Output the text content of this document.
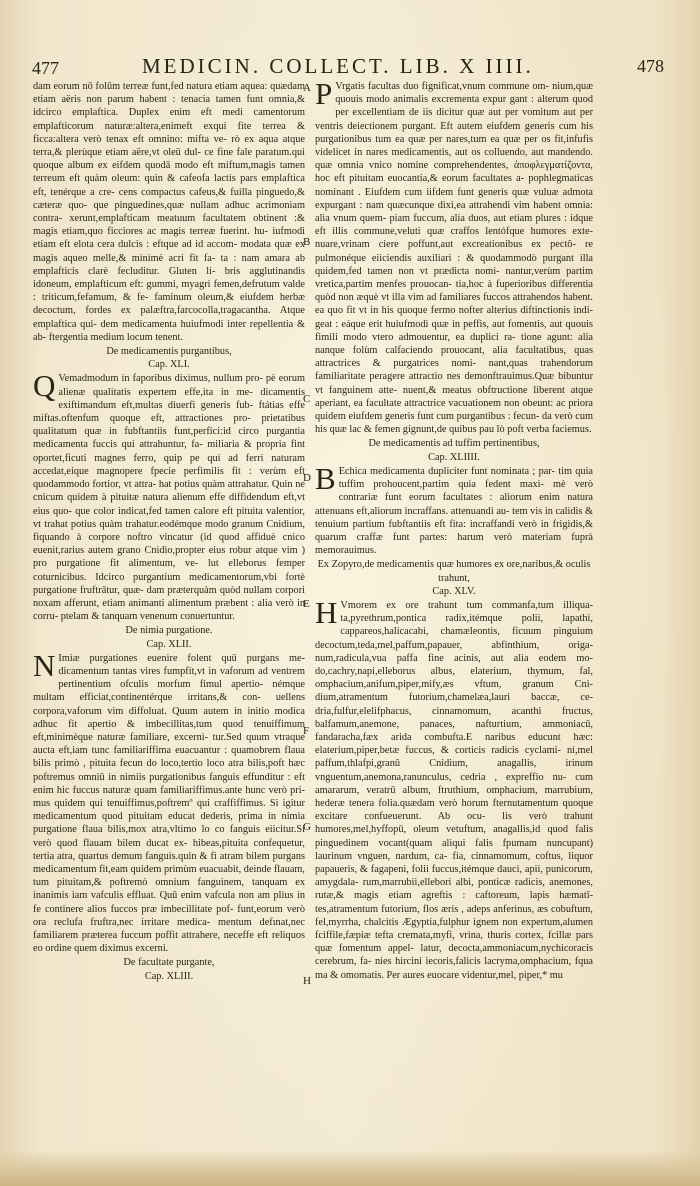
477	MEDICIN. COLLECT. LIB. X IIII.	478
A
B
C
D
E
F
G
H

dam eorum nō folūm terreæ funt,fed natura etiam aquea: quædam etiam aëris non parum habent : tenacia tamen funt omnia,& idcirco emplaftica. Duplex enim eft medi camentorum emplafticorum naturæ:altera,enimeft exqui fite terrea & ficca:altera verò tenax eft omnino: mifta ve- rò ex aqua atque terra,& plerùque etiam aëre,vt oleū dul- ce fine fale paratum.qui quoque album ex eifdem quodā modo eft miftum,magis tamen terreum eft quàm oleum: quin & cafeofa lactis pars emplaftica eft, tenérque a cre- cens compactus cafeus,& fuilla pinguedo,& cæteræ quo- que pinguedines,quæ nullam adhuc acrimoniam contra- xerunt,emplafticam meatuum facultatem obtinent :& magis etiam,quo ficciores ac magis terreæ fuerint. hu- iufmodi etiam eft elota cera dulcis : eftque ad id accom- modata quæ ex magis aqueo melle,& minimè acri fit fa- ta : nam amara ab emplafticis clarè fecluditur. Gluten li- bris agglutinandis idoneum, emplafticum eft: gummi, myagri femen,defrutum valde : triticum,fefamum, & fe- faminum oleum,& eiufdem herbæ decoctum, fordes ex palæftra,farcocolla,tragacantha. Atque emplaftica qui- dem medicamenta huiufmodi inter repellentia & ab- ftergentia medium locum tenent.

De medicamentis purgantibus,

Cap. XLI.

Q Vemadmodum in faporibus diximus, nullum pro- pè eorum alienæ qualitatis expertem effe,ita in me- dicamentis exiftimandum eft,multas diuerfi generis fub- ftátias effe miftas.oftenfum quoque eft, attractiones pro- prietatibus qualitatum quæ in fubftantiis funt,perfici:id circo purgantia medicamenta fuccis qui attrahuntur, fa- miliaria & propria fint oportet,ficuti magnes ferro, quip pe qui ad ferri naturam accedat,eique magnopere fpecie perfimilis fit : verùm eft quodammodo fortior, vt attra- hat potius quàm attrahatur. Quin ne cnicum quidem à pituitæ natura alienum effe diffidendum eft,vt eius quo- que color indicat,fed tamen calore eft pituita valentior, vt trahat potius quàm trahatur.eodémque modo granum Cnidium, fiquando à corpore noftro vincatur (id quod affiduè cnico euenit,rarius autem grano Cnidio,propter eius robur atque vim ) pro purgatione fit alimentum, ve- lut elleborus femper coturnicibus. Idcirco purgantium medicamentorum,vbi fortè purgatione fruftrātur, quæ- dam præterquàm quòd nullam corpori noxam afferunt, etiam animanti alimentum præbent : alia verò in corru- ptelam & tanquam venenum conuertuntur.

De nimia purgatione.

Cap. XLII.

N Imiæ purgationes euenire folent quū purgans me- dicamentum tantas vires fumpfit,vt in vaforum ad ventrem pertinentium ofculis morfum fimul apertio- némque multam efficiat,continentérque irritans,& con- uellens corpora,vaforum vim diffoluat. Quum autem in initio modica adhuc fit apertio & imbecillitas,tum quod tenuiffimum eft,minimèque naturæ familiare, excerni- tur.Sed quum vtraque aucta eft,iam tunc familiariffima euacuantur : quamobrem flaua bilis primò , pituita fecun do loco,tertio loco atra bilis,poft hæc poftremus omniū in nimiis purgationibus fanguis effunditur : eft enim hic fuccus naturæ quam familiariffimus.ante hunc verò pri- mus quidem qui tenuiffimus,poftremº qui craffiffimus. Si igitur medicamentum quod pituitam educat dederis, prima in nimia purgatione flaua bilis,mox atra,vltimo lo co fanguis eiicitur.Si verò quod flauam bilem ducat ex- hibeas,pituita confequetur, tertia atra, quartus demum fanguis.quin & fi atram bilem purgans medicamentum fit,eam quidem primùm euacuabit, deinde flauam, tum pituitam,& poftremò omnium fanguinem, tanquam ex inanimis iam vafculis effluat. Quū enim vafcula non am plius in fe continere alios fuccos præ imbecillitate pof- funt,eorum verò ora reclufa fruftra,nec irritare medica- mentum defınat,nec familiarem præterea fuccum poffit attrahere, neceffe eft reliquos eo ordine quem diximus excerni.

De facultate purgante,

Cap. XLIII.

P Vrgatis facultas duo fignificat,vnum commune om- nium,quæ quouis modo animalis excrementa expur gant : alterum quod per excellentiam de iis dicitur quæ aut per vomitum aut per ventris deiectionem purgant. Eft autem eiufdem generis cum his purgationibus tum ea quæ per nares,tum ea quæ per os fit,infufis videlicet in nares medicamentis, aut os colluendo, aut mandendo. quæ omnia vnico nomine comprehendentes, ἀποφλεγματίζοντα, hoc eft pituitam euocantia,& eorum facultates a- pophlegmaticas nominant . Eiufdem cum iifdem funt generis quæ vuluæ admota expurgant : nam quæcunque dixi,ea attrahendi vim habent omnia: alia vnum quem- piam fuccum, alia duos, aut etiam plures : idque eft illis commune,veluti quæ craffos lentófque humores exte- nuare,vrinam ciere poffunt,aut excreationibus ex pectô- re pulmonéque eiiciendis auxiliari : & quodammodò purgant illa quidem,fed tamen non vt prædicta nomi- nantur,verùm partim vretica,partim menfes prouocan- tia,hoc à fuperioribus differentia quòd non æquè vt illa vim ad familiares fuccos attrahendos habent. ea quo fit vt in his quoque fermo nofter alterius diftinctionis indi- geat : eáque erit huiufmodi quæ in peffis, aut fomentis, aut quouis fimili modo vtero admouentur, ea duplici ra- tione agunt: alia nanque folùm calfaciendo prouocant, alia facultatibus, quas attractrices & purgatrices nomi- nant,quas trahendorum familiaritate peragere attractio nes demonftrauimus.Quæ bibuntur vt fanguinem atte- nuent,& meatus obftructione liberent atque aperiant, ea facultate attractrice vacuationem non obeunt: ac priora quidem eiufdem generis funt cum purgantibus : fecun- da verò cum his quæ lac & femen gignunt,de quibus pau lò poft verba faciemus.

De medicamentis ad tuffim pertinentibus,

Cap. XLIIII.

B Echica medicamenta dupliciter funt nominata ; par- tim quia tuffim prohoucent,partim quia fedent maxi- mè verò contrariæ funt eorum facultates : aliorum enim natura attenuans eft,aliorum incraffans. attenuandi au- tem vis in calidis & tenuium partium fubftantiis eft fita: incraffandi verò in frigidis,& quarum craffæ funt partes: harum verò materiam fuprà memorauimus.

Ex Zopyro,de medicamentis quæ humores ex ore,naribus,& oculis trahunt,

Cap. XLV.

H Vmorem ex ore trahunt tum commanfa,tum illiqua- ta,pyrethrum,pontica radix,itémque polii, lapathi, cappareos,halicacabi, chamæleontis, ficuum pinguium decoctum,teda,mel,paffum,papauer, abfinthium, origa- num,radicula,vua paffa fine acinis, aut alia eodem mo- do,cachry,napi,elleborus albus, elaterium, thymum, fal, omphacium,anifum,piper,mify,æs vftum, granum Cni- dium,atramentum futorium,chamelæa,lauri baccæ, ce- dria,fulfur,elelifphacus, cinnamomum, acanthi fructus, balfamum,anemone, panaces, nafturtium, ammoniacū, fandaracha,fæx arida combufta.E naribus educunt hæc: elaterium,piper,betæ fuccus, & corticis radicis cyclami- ni,mel paffum,thlafpi,granū Cnidium, anagallis, irinum vnguentum,anemona,ranunculus, cedria , expreffio nu- cum amararum, veratrū album, ftruthium, omphacium, marrubium, hederæ tenera folia.quædam verò horum fternutamentum quoque excitare confueuerunt. Ab ocu- lis verò trahunt humores,mel,hyffopū, oleum vetuftum, anagallis,id quod falis pinguedinem vocant(quam aliqui falis fpumam nuncupant) laurinum vnguen, nardum, ca- fia, cinnamomum, coftus, liquor papaueris, & fagapeni, folii fuccus,itémque dauci, apii, punicorum, amygdala- rum,marrubii,ellebori albi, ponticæ radicis, anemones, rutæ,& magis etiam agreftis : caftoreum, lapis hæmatī- tes,atramentum futorium, flos æris , adeps anferinus, æs cobuftum, fel,myrrha, chalcitis Ægyptia,fulphur ignem non expertum,alumen fciffile,fæpiæ tefta cremata,myfi, vrina, thuris cortex, fcillæ pars quæ fomentum appel- latur, decocta,ammoniacum,nychicoracis cerebrum, fa- nies hircini iecoris,falicis lacryma,omphacium, fqua ma & omomatis. Per aures euocare videntur,mel, piper,* mu
